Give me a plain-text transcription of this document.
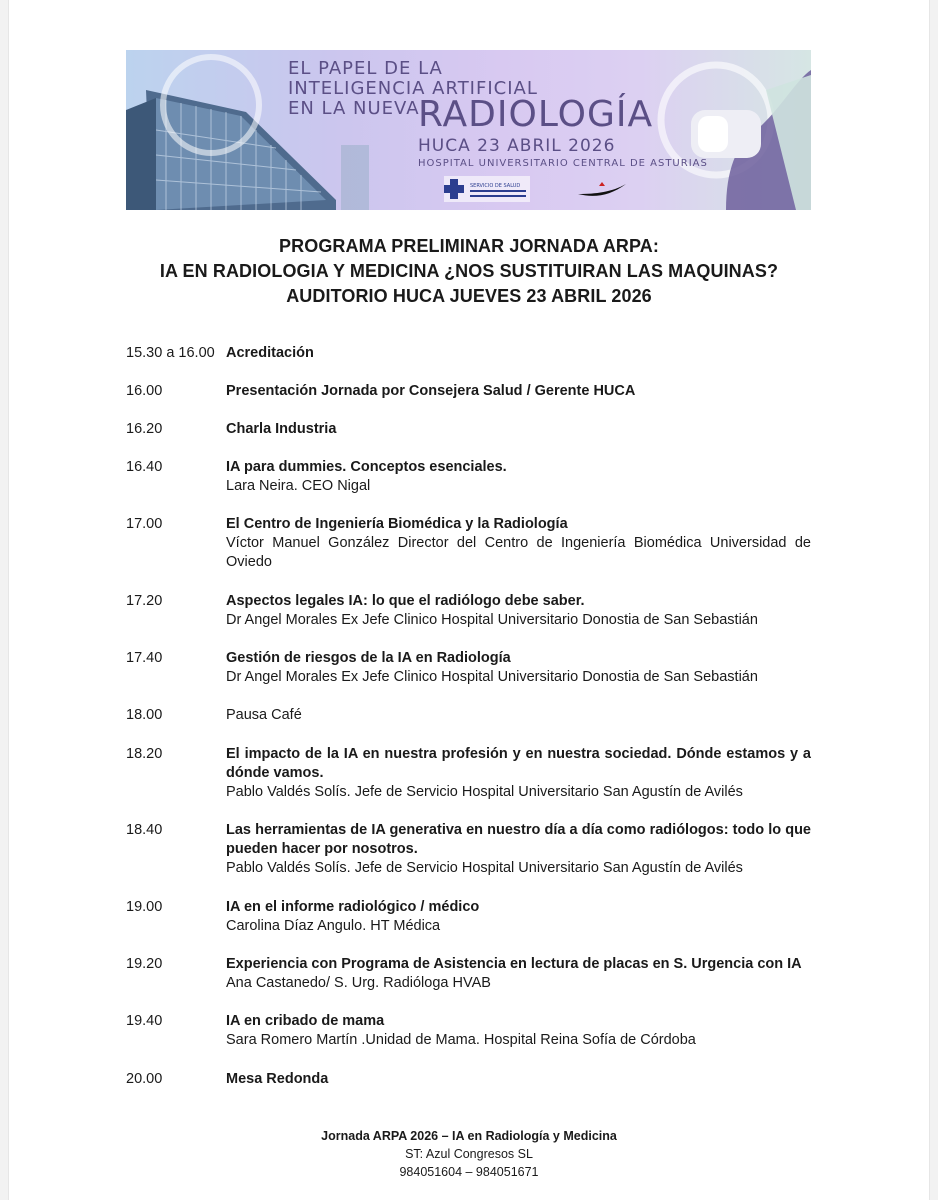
EL PAPEL DE LA
INTELIGENCIA ARTIFICIAL
EN LA NUEVA
RADIOLOGÍA
HUCA 23 ABRIL 2026
HOSPITAL UNIVERSITARIO CENTRAL DE ASTURIAS
SERVICIO DE SALUD
PROGRAMA PRELIMINAR JORNADA ARPA:
IA EN RADIOLOGIA Y MEDICINA ¿NOS SUSTITUIRAN LAS MAQUINAS?
AUDITORIO HUCA JUEVES 23 ABRIL 2026
15.30 a 16.00 Acreditación
16.00	Presentación Jornada por Consejera Salud / Gerente HUCA
16.20	Charla Industria
16.40	IA para dummies. Conceptos esenciales.
Lara Neira. CEO Nigal
17.00	El Centro de Ingeniería Biomédica y la Radiología
Víctor Manuel González Director del Centro de Ingeniería Biomédica Universidad de Oviedo
17.20	Aspectos legales IA: lo que el radiólogo debe saber.
Dr Angel Morales Ex Jefe Clinico Hospital Universitario Donostia de San Sebastián
17.40	Gestión de riesgos de la IA en Radiología
Dr Angel Morales Ex Jefe Clinico Hospital Universitario Donostia de San Sebastián
18.00	Pausa Café
18.20	El impacto de la IA en nuestra profesión y en nuestra sociedad. Dónde estamos y a dónde vamos.
Pablo Valdés Solís. Jefe de Servicio Hospital Universitario San Agustín de Avilés
18.40	Las herramientas de IA generativa en nuestro día a día como radiólogos: todo lo que pueden hacer por nosotros.
Pablo Valdés Solís. Jefe de Servicio Hospital Universitario San Agustín de Avilés
19.00	IA en el informe radiológico / médico
Carolina Díaz Angulo. HT Médica
19.20	Experiencia con Programa de Asistencia en lectura de placas en S. Urgencia con IA
Ana Castanedo/ S. Urg. Radióloga HVAB
19.40	IA en cribado de mama
Sara Romero Martín .Unidad de Mama. Hospital Reina Sofía de Córdoba
20.00	Mesa Redonda
Jornada ARPA 2026 – IA en Radiología y Medicina
ST: Azul Congresos SL
984051604 – 984051671
